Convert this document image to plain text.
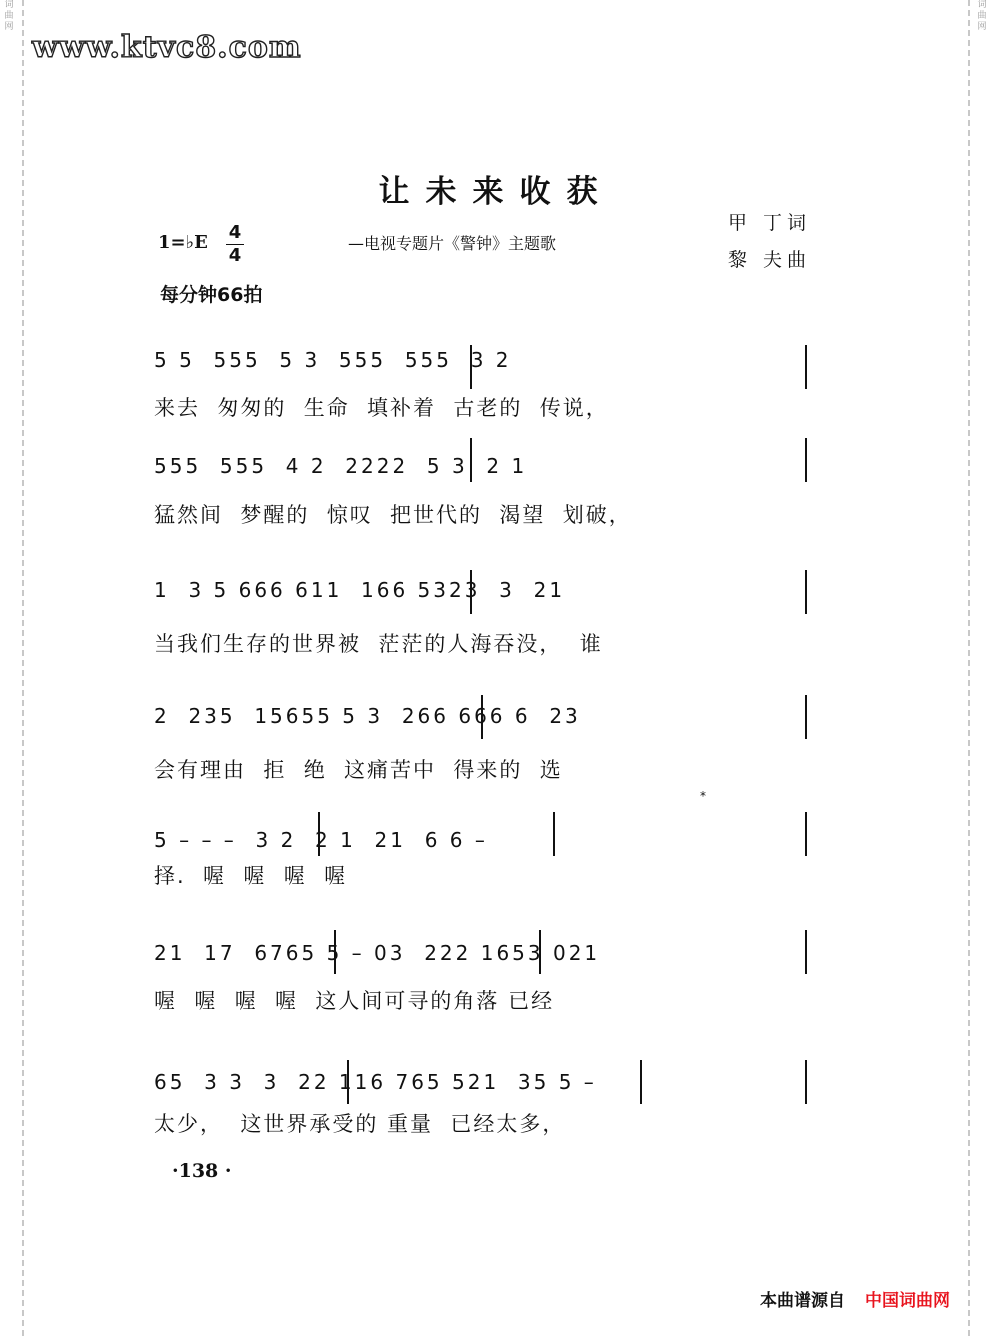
词
曲
网
词
曲
网
www.ktvc8.com
让未来收获
—电视专题片《警钟》主题歌
甲 丁词
黎 夫曲
1=♭E 4
4
每分钟66拍
5 5  555  5 3  555  555  3 2
来去  匆匆的  生命  填补着  古老的  传说，
555  555  4 2  2222  5 3  2 1
猛然间  梦醒的  惊叹  把世代的  渴望  划破，
1  3 5 666 611  166 5323  3  21
当我们生存的世界被  茫茫的人海吞没，  谁
2  235  15655 5 3  266 666 6  23
会有理由  拒  绝  这痛苦中  得来的  选
*
5 – – –  3 2  2 1  21  6 6 –
择.  喔  喔  喔  喔
21  17  6765 5 – 03  222 1653 021
喔  喔  喔  喔  这人间可寻的角落 已经
65  3 3  3  22 116 765 521  35 5 –
太少，  这世界承受的 重量  已经太多，
·138 ·
本曲谱源自 中国词曲网
